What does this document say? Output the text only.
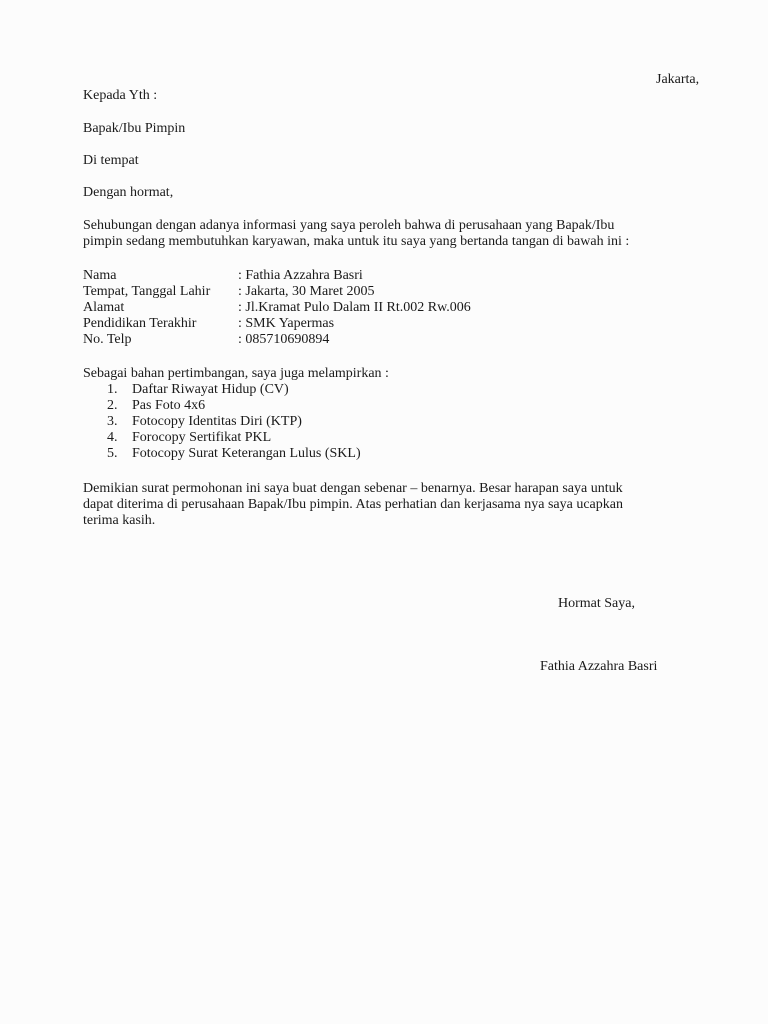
Jakarta,
Kepada Yth :
Bapak/Ibu Pimpin
Di tempat
Dengan hormat,
Sehubungan dengan adanya informasi yang saya peroleh bahwa di perusahaan yang Bapak/Ibu
pimpin sedang membutuhkan karyawan, maka untuk itu saya yang bertanda tangan di bawah ini :
Nama	: Fathia Azzahra Basri
Tempat, Tanggal Lahir	: Jakarta, 30 Maret 2005
Alamat	: Jl.Kramat Pulo Dalam II Rt.002 Rw.006
Pendidikan Terakhir	: SMK Yapermas
No. Telp	: 085710690894
Sebagai bahan pertimbangan, saya juga melampirkan :
1.	Daftar Riwayat Hidup (CV)
2.	Pas Foto 4x6
3.	Fotocopy Identitas Diri (KTP)
4.	Forocopy Sertifikat PKL
5.	Fotocopy Surat Keterangan Lulus (SKL)
Demikian surat permohonan ini saya buat dengan sebenar – benarnya. Besar harapan saya untuk
dapat diterima di perusahaan Bapak/Ibu pimpin. Atas perhatian dan kerjasama nya saya ucapkan
terima kasih.
Hormat Saya,
Fathia Azzahra Basri
